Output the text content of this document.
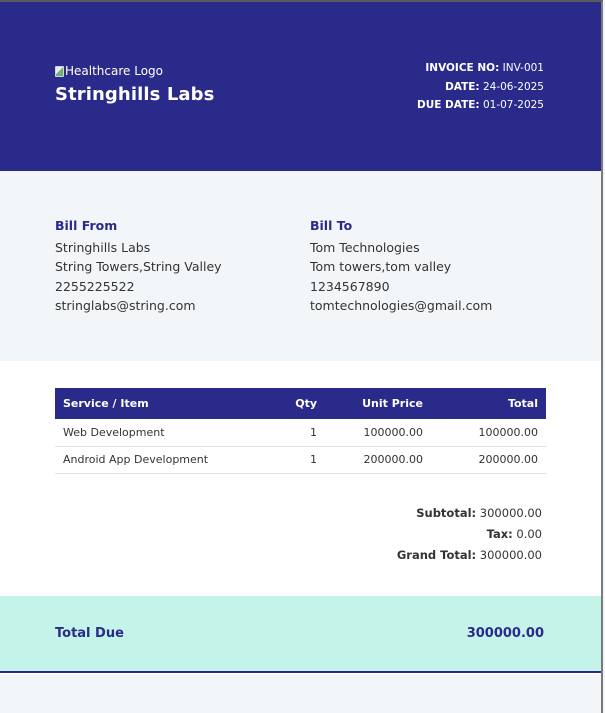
Healthcare Logo
Stringhills Labs
INVOICE NO: INV-001
DATE: 24-06-2025
DUE DATE: 01-07-2025
Bill From
Stringhills Labs
String Towers,String Valley
2255225522
stringlabs@string.com
Bill To
Tom Technologies
Tom towers,tom valley
1234567890
tomtechnologies@gmail.com
Service / Item	Qty	Unit Price	Total
Web Development	1	100000.00	100000.00
Android App Development	1	200000.00	200000.00
Subtotal: 300000.00
Tax: 0.00
Grand Total: 300000.00
Total Due	300000.00
